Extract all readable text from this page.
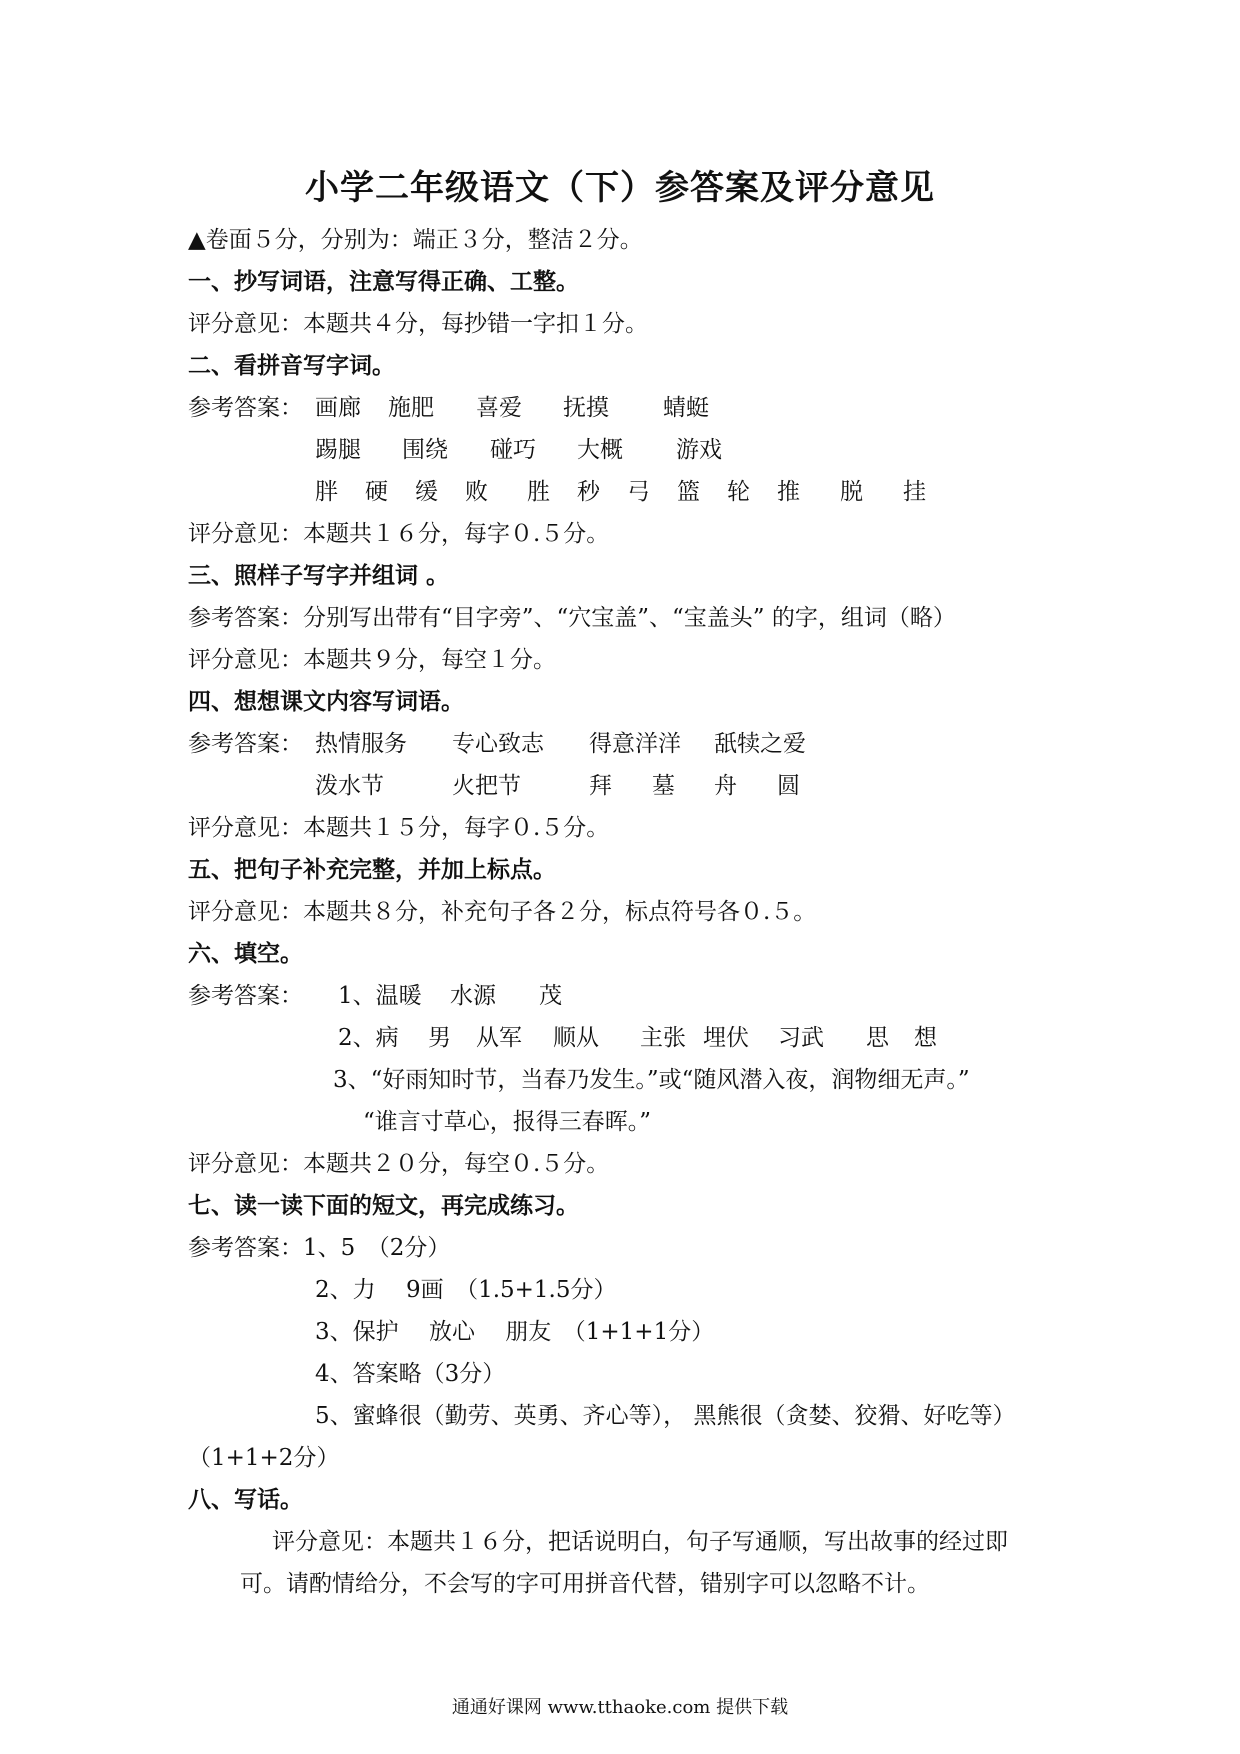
小学二年级语文（下）参答案及评分意见
▲卷面５分，分别为：端正３分，整洁２分。
一、抄写词语，注意写得正确、工整。
评分意见：本题共４分，每抄错一字扣１分。
二、看拼音写字词。
参考答案： 画廊 施肥 喜爱 抚摸 蜻蜓
踢腿 围绕 碰巧 大概 游戏
胖 硬 缓 败 胜 秒 弓 篮 轮 推 脱 挂
评分意见：本题共１６分，每字０.５分。
三、照样子写字并组词 。
参考答案：分别写出带有“目字旁”、“穴宝盖”、“宝盖头” 的字，组词（略）
评分意见：本题共９分，每空１分。
四、想想课文内容写词语。
参考答案： 热情服务 专心致志 得意洋洋 舐犊之爱
泼水节	火把节	拜 墓 舟 圆
评分意见：本题共１５分，每字０.５分。
五、把句子补充完整，并加上标点。
评分意见：本题共８分，补充句子各２分，标点符号各０.５。
六、填空。
参考答案： 1、温暖 水源 茂
2、病 男 从军 顺从 主张 埋伏 习武 思 想
3、“好雨知时节，当春乃发生。”或“随风潜入夜，润物细无声。”
“谁言寸草心，报得三春晖。”
评分意见：本题共２０分，每空０.５分。
七、读一读下面的短文，再完成练习。
参考答案：1、5　（2分）
2、力　 9画　（1.5+1.5分）
3、保护　 放心　 朋友　（1+1+1分）
4、答案略（3分）
5、蜜蜂很（勤劳、英勇、齐心等）， 黑熊很（贪婪、狡猾、好吃等）
（1+1+2分）
八、写话。
评分意见：本题共１６分，把话说明白，句子写通顺，写出故事的经过即
可。请酌情给分，不会写的字可用拼音代替，错别字可以忽略不计。
通通好课网 www.tthaoke.com 提供下载
